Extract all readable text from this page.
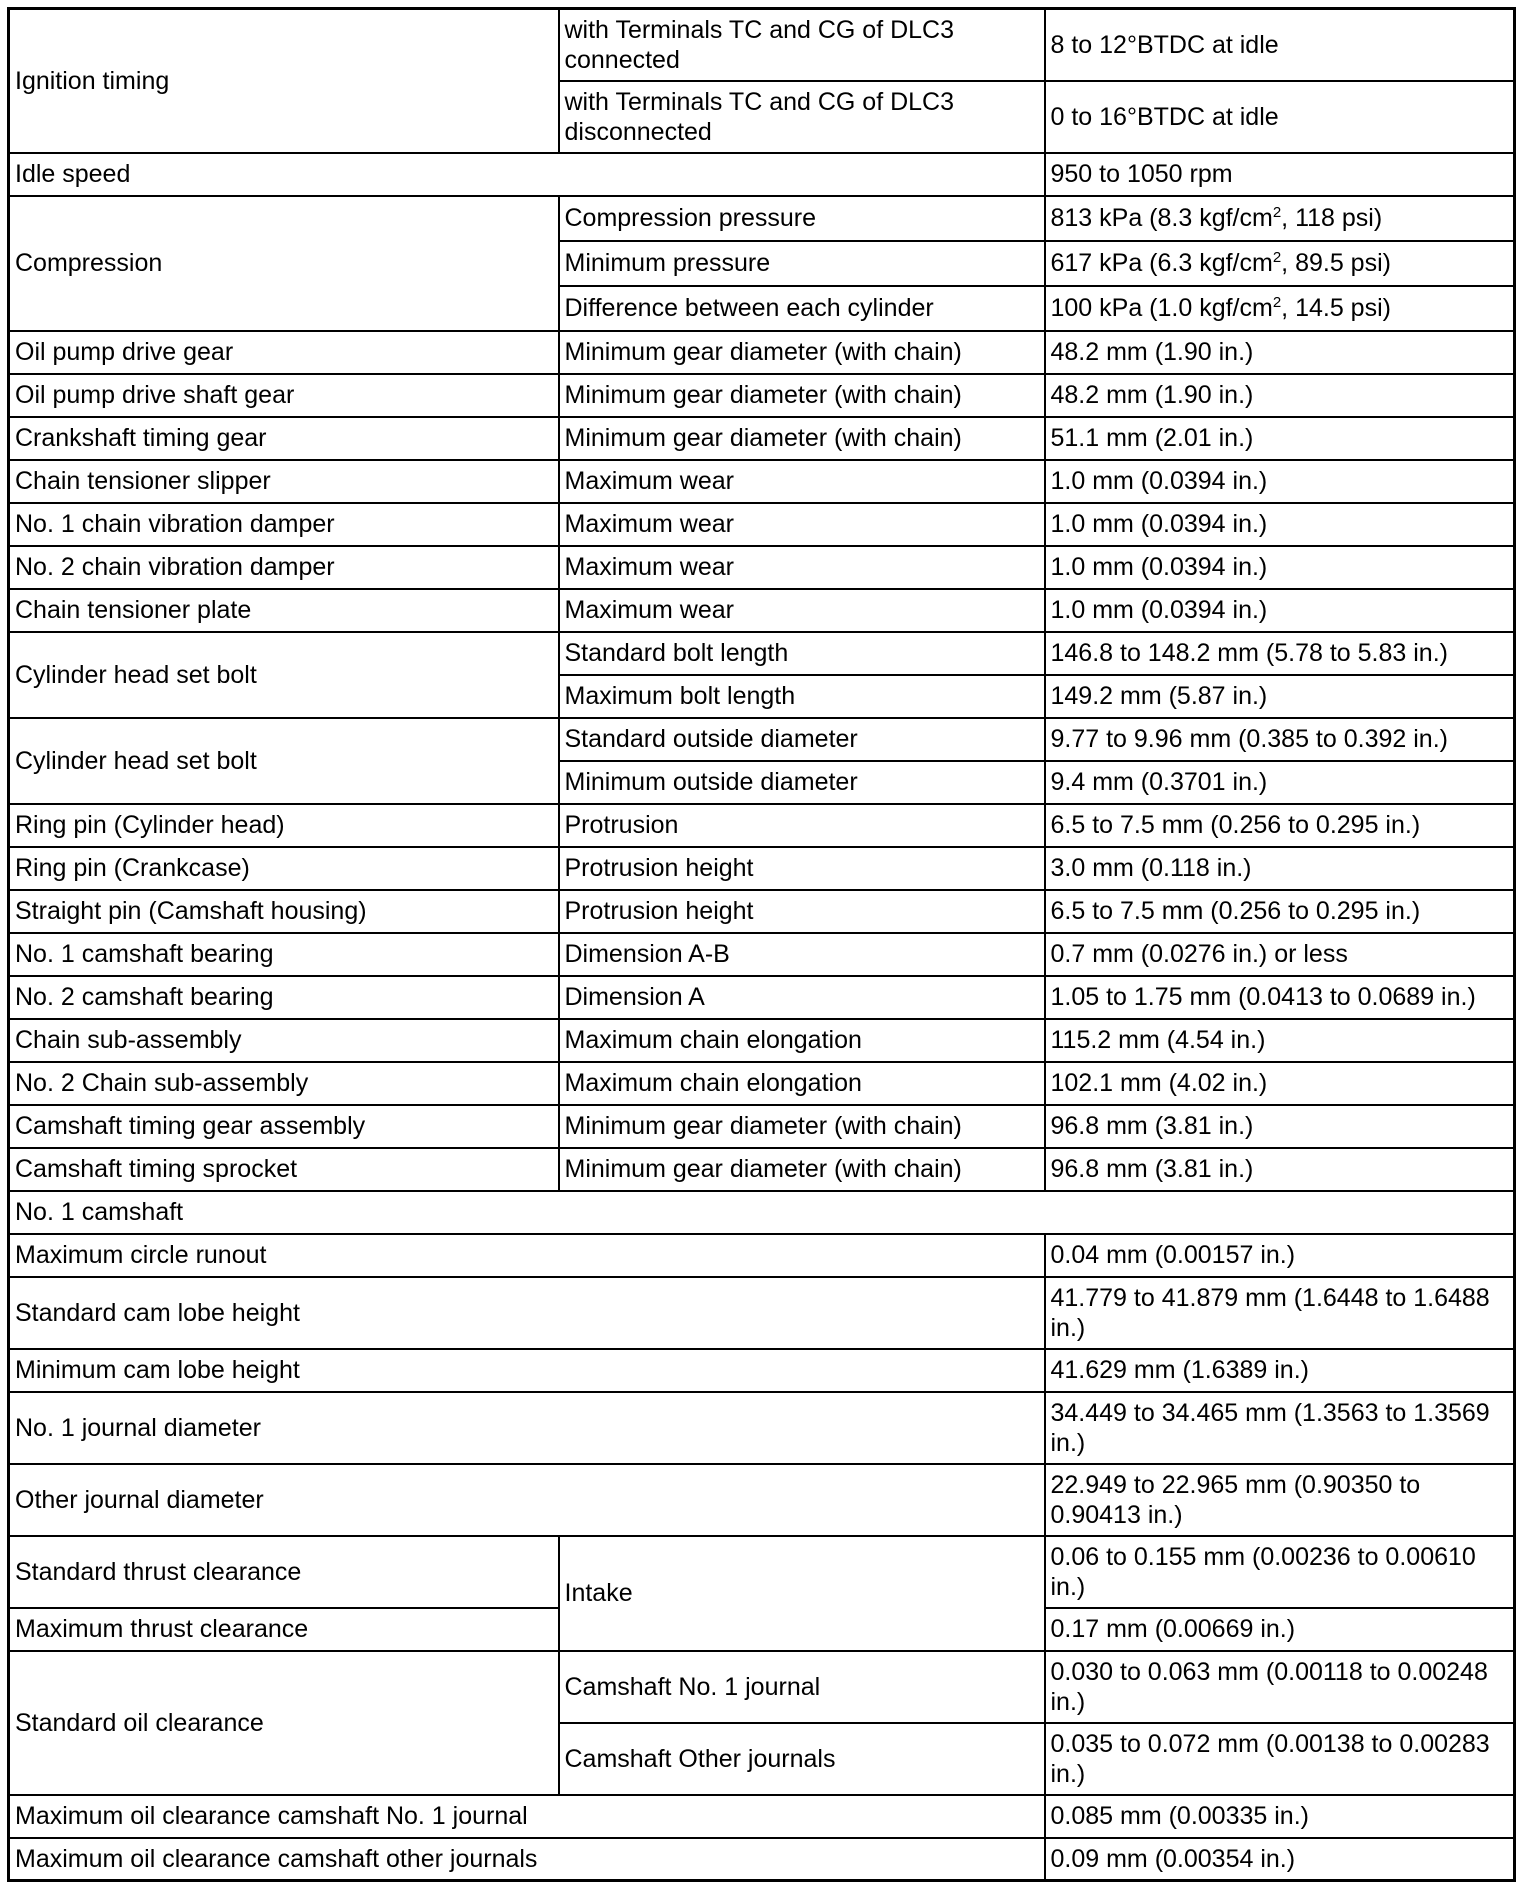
Ignition timing	with Terminals TC and CG of DLC3 connected	8 to 12°BTDC at idle
	with Terminals TC and CG of DLC3 disconnected	0 to 16°BTDC at idle
Idle speed		950 to 1050 rpm
Compression	Compression pressure	813 kPa (8.3 kgf/$cm^2$, 118 psi)
	Minimum pressure	617 kPa (6.3 kgf/$cm^2$, 89.5 psi)
	Difference between each cylinder	100 kPa (1.0 kgf/$cm^2$, 14.5 psi)
Oil pump drive gear	Minimum gear diameter (with chain)	48.2 mm (1.90 in.)
Oil pump drive shaft gear	Minimum gear diameter (with chain)	48.2 mm (1.90 in.)
Crankshaft timing gear	Minimum gear diameter (with chain)	51.1 mm (2.01 in.)
Chain tensioner slipper	Maximum wear	1.0 mm (0.0394 in.)
No. 1 chain vibration damper	Maximum wear	1.0 mm (0.0394 in.)
No. 2 chain vibration damper	Maximum wear	1.0 mm (0.0394 in.)
Chain tensioner plate	Maximum wear	1.0 mm (0.0394 in.)
Cylinder head set bolt	Standard bolt length	146.8 to 148.2 mm (5.78 to 5.83 in.)
	Maximum bolt length	149.2 mm (5.87 in.)
Cylinder head set bolt	Standard outside diameter	9.77 to 9.96 mm (0.385 to 0.392 in.)
	Minimum outside diameter	9.4 mm (0.3701 in.)
Ring pin (Cylinder head)	Protrusion	6.5 to 7.5 mm (0.256 to 0.295 in.)
Ring pin (Crankcase)	Protrusion height	3.0 mm (0.118 in.)
Straight pin (Camshaft housing)	Protrusion height	6.5 to 7.5 mm (0.256 to 0.295 in.)
No. 1 camshaft bearing	Dimension A-B	0.7 mm (0.0276 in.) or less
No. 2 camshaft bearing	Dimension A	1.05 to 1.75 mm (0.0413 to 0.0689 in.)
Chain sub-assembly	Maximum chain elongation	115.2 mm (4.54 in.)
No. 2 Chain sub-assembly	Maximum chain elongation	102.1 mm (4.02 in.)
Camshaft timing gear assembly	Minimum gear diameter (with chain)	96.8 mm (3.81 in.)
Camshaft timing sprocket	Minimum gear diameter (with chain)	96.8 mm (3.81 in.)
No. 1 camshaft		
Maximum circle runout		0.04 mm (0.00157 in.)
Standard cam lobe height		41.779 to 41.879 mm (1.6448 to 1.6488 in.)
Minimum cam lobe height		41.629 mm (1.6389 in.)
No. 1 journal diameter		34.449 to 34.465 mm (1.3563 to 1.3569 in.)
Other journal diameter		22.949 to 22.965 mm (0.90350 to 0.90413 in.)
Standard thrust clearance	Intake	0.06 to 0.155 mm (0.00236 to 0.00610 in.)
Maximum thrust clearance		0.17 mm (0.00669 in.)
Standard oil clearance	Camshaft No. 1 journal	0.030 to 0.063 mm (0.00118 to 0.00248 in.)
	Camshaft Other journals	0.035 to 0.072 mm (0.00138 to 0.00283 in.)
Maximum oil clearance camshaft No. 1 journal		0.085 mm (0.00335 in.)
Maximum oil clearance camshaft other journals		0.09 mm (0.00354 in.)
